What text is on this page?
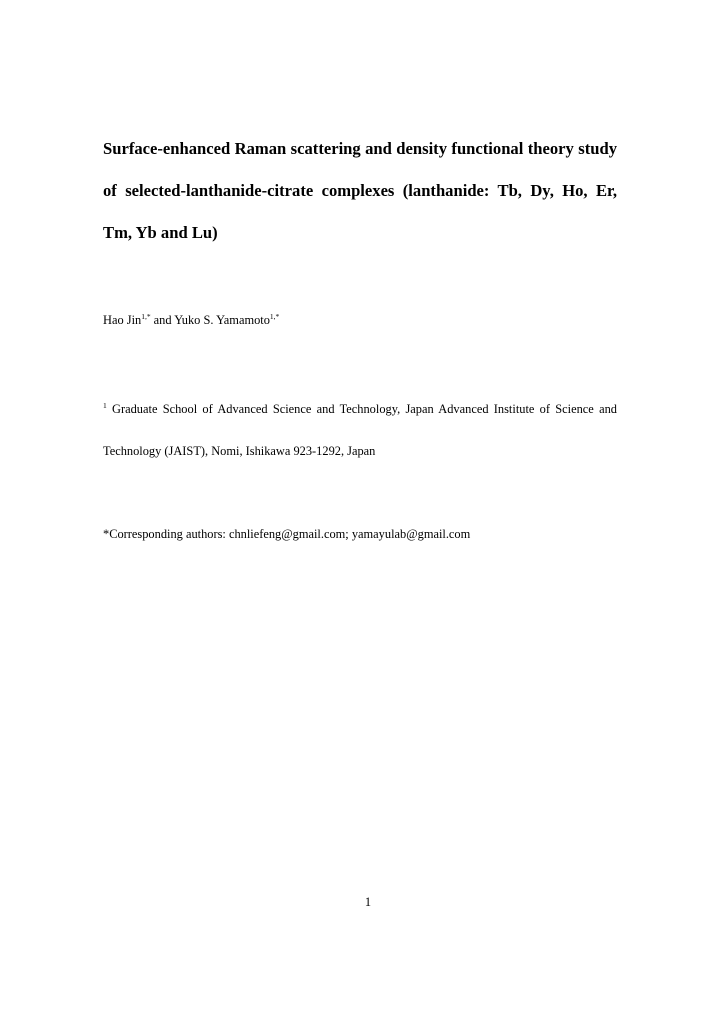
Surface-enhanced Raman scattering and density functional theory study of selected-lanthanide-citrate complexes (lanthanide: Tb, Dy, Ho, Er, Tm, Yb and Lu)

Hao Jin$^{1,*}$ and Yuko S. Yamamoto$^{1,*}$

$^1$ Graduate School of Advanced Science and Technology, Japan Advanced Institute of Science and Technology (JAIST), Nomi, Ishikawa 923-1292, Japan

*Corresponding authors: chnliefeng@gmail.com; yamayulab@gmail.com

1
